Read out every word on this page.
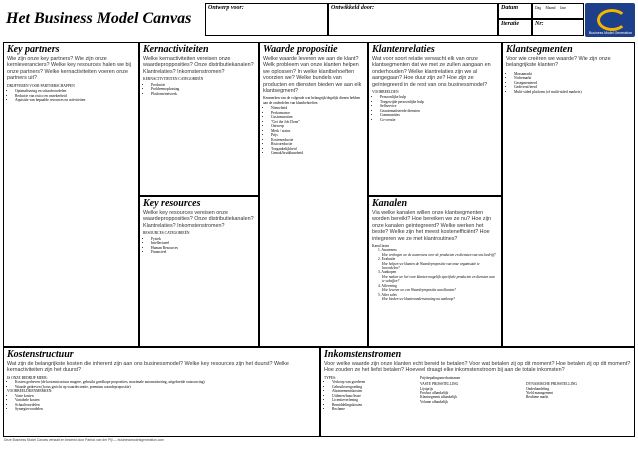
Het Business Model Canvas
Ontwerp voor:	Ontwikkeld door:	Datum	Dag Maand Jaar
Iteratie	Nr:
Business Model Generation

Key partners

Wie zijn onze key partners? Wie zijn onze kernleveranciers? Welke key resources halen we bij onze partners? Welke kernactiviteiten voeren onze partners uit?

DRIJFVEREN VOOR PARTNERSCHAPPEN

• Optimalisering en schaalvoordelen
• Reductie van risico en onzekerheid
• Aquisitie van bepaalde resources en activiteiten

Kernactiviteiten

Welke kernactiviteiten vereisen onze waardepropposities? Onze distributiekanalen? Klantrelaties? Inkomstenstromen?

KERNACTIVITEITEN CATEGORIEËN

• Productie
• Probleemoplossing
• Platform/netwerk

Key resources

Welke key resources vereisen onze waardepropposities? Onze distributiekanalen? Klantrelaties? Inkomstenstromen?

RESOURCES CATEGORIEËN

• Fysiek
• Intellectueel
• Human Resources
• Financieel

Waarde propositie

Welke waarde leveren we aan de klant? Welk probleem van onze klanten helpen we oplossen? In welke klantbehoeften voorzien we? Welke bundels van producten en diensten bieden we aan elk klantsegment?

Kenmerken van de volgende wat belangrijk/degelijk dienen hebben aan de onderdelen van klantbehoeften

• Nieuwheid
• Performance
• Customization
• "Get the Job Done"
• Ontwerp
• Merk / status
• Prijs
• Kostenreductie
• Risicoreductie
• Toegankelijkheid
• Gemak/bruikbaarheid

Klantenrelaties

Wat voor soort relatie verwacht elk van onze klantsegmenten dat we met ze zullen aangaan en onderhouden? Welke klantrelaties zijn we al aangegaan? Hoe duur zijn ze? Hoe zijn ze geïntegreerd in de rest van ons businessmodel?

VOORBEELDEN

• Persoonlijke hulp
• Toegewijde persoonlijke hulp
• Selfservice
• Geautomatiseerde diensten
• Communities
• Co-creatie

Kanalen

Via welke kanalen willen onze klantsegmenten worden bereikt? Hoe bereiken we ze nu? Hoe zijn onze kanalen geïntegreerd? Welke werken het beste? Welke zijn het meest kostenefficiënt? Hoe integreren we ze met klantroutines?

Kanal fasen

1. Awareness
Hoe verhogen we de awareness over de producten en diensten van ons bedrijf?
2. Evaluatie
Hoe helpen we klanten de Waardepropositie van onze organisatie te beoordelen?
3. Aankopen
Hoe maken we het voor klanten mogelijk specifieke producten en diensten aan te schaffen?
4. Aflevering
Hoe leveren we een Waardepropositie aan klanten?
5. After sales
Hoe bieden we klantenondersteuning na aankoop?

Klantsegmenten

Voor wie creëren we waarde? Wie zijn onze belangrijkste klanten?

• Massamarkt
• Nichemarkt
• Gesegmenteerd
• Gediversifieerd
• Multi-sided platform (of multi-sided markets)

Kostenstructuur

Wat zijn de belangrijkste kosten die inherent zijn aan ons businessmodel? Welke key resources zijn het duurst? Welke kernactiviteiten zijn het duurst?

IS ONZE BEDRIJF MEER:

• Kosten gedreven (de kostenstructuur magere, gebruikt goedkope proposities, maximale automatisering, uitgebreide outsourcing)
• Waarde gedreven (focus gericht op waardecreatie, premium waardepropositie)

VOORBEELDKENMERKEN:

• Vaste kosten
• Variabele kosten
• Schaalvoordelen
• Synergievoordelen

Inkomstenstromen

Voor welke waarde zijn onze klanten echt bereid te betalen? Voor wat betalen zij op dit moment? Hoe betalen zij op dit moment? Hoe zouden ze het liefst betalen? Hoeveel draagt elke inkomstenstroom bij aan de totale inkomsten?

TYPES:

• Verkoop van goederen
• Gebruiksvergoeding
• Abonnementskosten
• Uitlenen/huur/lease
• Licentieverlening
• Bemiddelingskosten
• Reclame

Prijsbepalingsmechanismen

VASTE PRIJSSTELLING

Lijstprijs
Product afhankelijk
Klantsegment afhankelijk
Volume afhankelijk

DYNAMISCHE PRIJSSTELLING

Onderhandeling
Yield management
Realtime markt
Deze Business Model Canvas vertaalt en bewerkt door Patrick van der Pijl — businessmodelsgeneration.com
